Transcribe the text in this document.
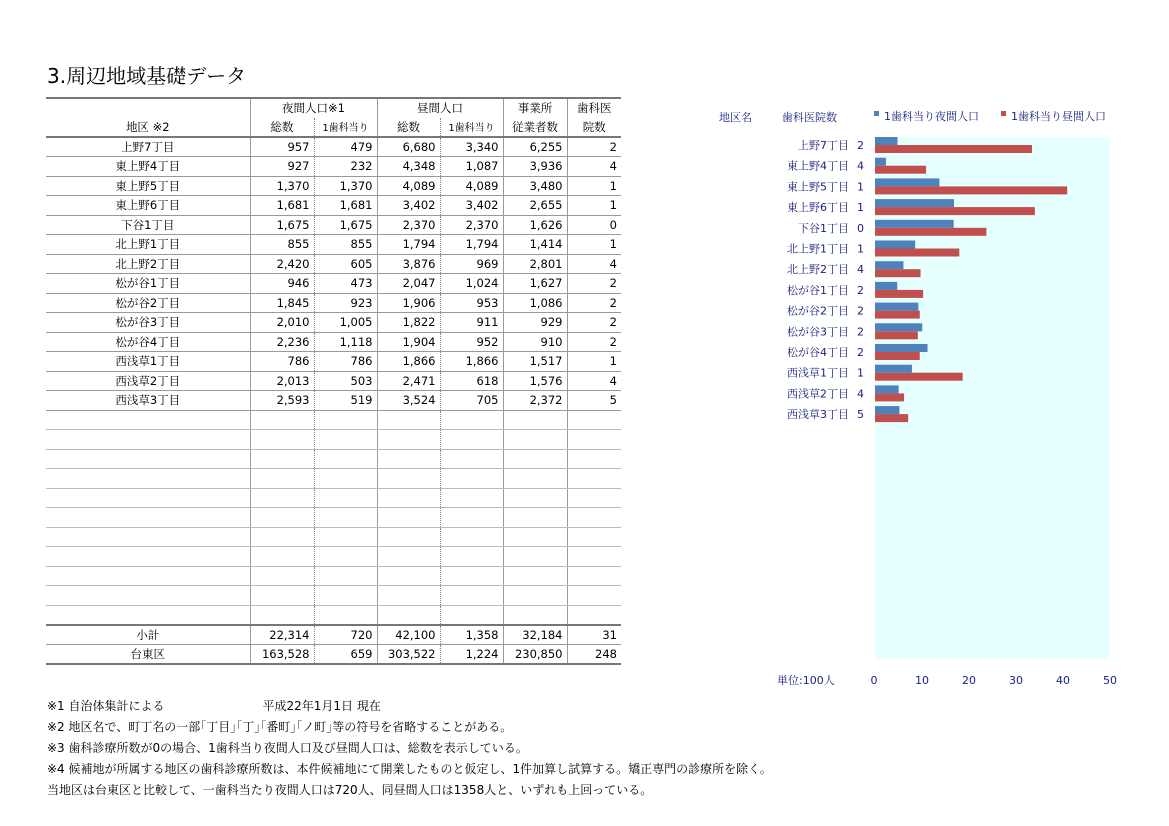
3.周辺地域基礎データ
	夜間人口※1		昼間人口		事業所	歯科医
地区 ※2	総数	1歯科当り	総数	1歯科当り	従業者数	院数
上野7丁目	957	479	6,680	3,340	6,255	2
東上野4丁目	927	232	4,348	1,087	3,936	4
東上野5丁目	1,370	1,370	4,089	4,089	3,480	1
東上野6丁目	1,681	1,681	3,402	3,402	2,655	1
下谷1丁目	1,675	1,675	2,370	2,370	1,626	0
北上野1丁目	855	855	1,794	1,794	1,414	1
北上野2丁目	2,420	605	3,876	969	2,801	4
松が谷1丁目	946	473	2,047	1,024	1,627	2
松が谷2丁目	1,845	923	1,906	953	1,086	2
松が谷3丁目	2,010	1,005	1,822	911	929	2
松が谷4丁目	2,236	1,118	1,904	952	910	2
西浅草1丁目	786	786	1,866	1,866	1,517	1
西浅草2丁目	2,013	503	2,471	618	1,576	4
西浅草3丁目	2,593	519	3,524	705	2,372	5

小計	22,314	720	42,100	1,358	32,184	31
台東区	163,528	659	303,522	1,224	230,850	248
※1 自治体集計による	平成22年1月1日 現在
※2 地区名で、町丁名の一部｢丁目｣｢丁｣｢番町｣｢ノ町｣等の符号を省略することがある。
※3 歯科診療所数が0の場合、1歯科当り夜間人口及び昼間人口は、総数を表示している。
※4 候補地が所属する地区の歯科診療所数は、本件候補地にて開業したものと仮定し、1件加算し試算する。矯正専門の診療所を除く。
当地区は台東区と比較して、一歯科当たり夜間人口は720人、同昼間人口は1358人と、いずれも上回っている。
地区名	歯科医院数	1歯科当り夜間人口	1歯科当り昼間人口
上野7丁目 2
東上野4丁目 4
東上野5丁目 1
東上野6丁目 1
下谷1丁目 0
北上野1丁目 1
北上野2丁目 4
松が谷1丁目 2
松が谷2丁目 2
松が谷3丁目 2
松が谷4丁目 2
西浅草1丁目 1
西浅草2丁目 4
西浅草3丁目 5
単位:100人	0	10	20	30	40	50
